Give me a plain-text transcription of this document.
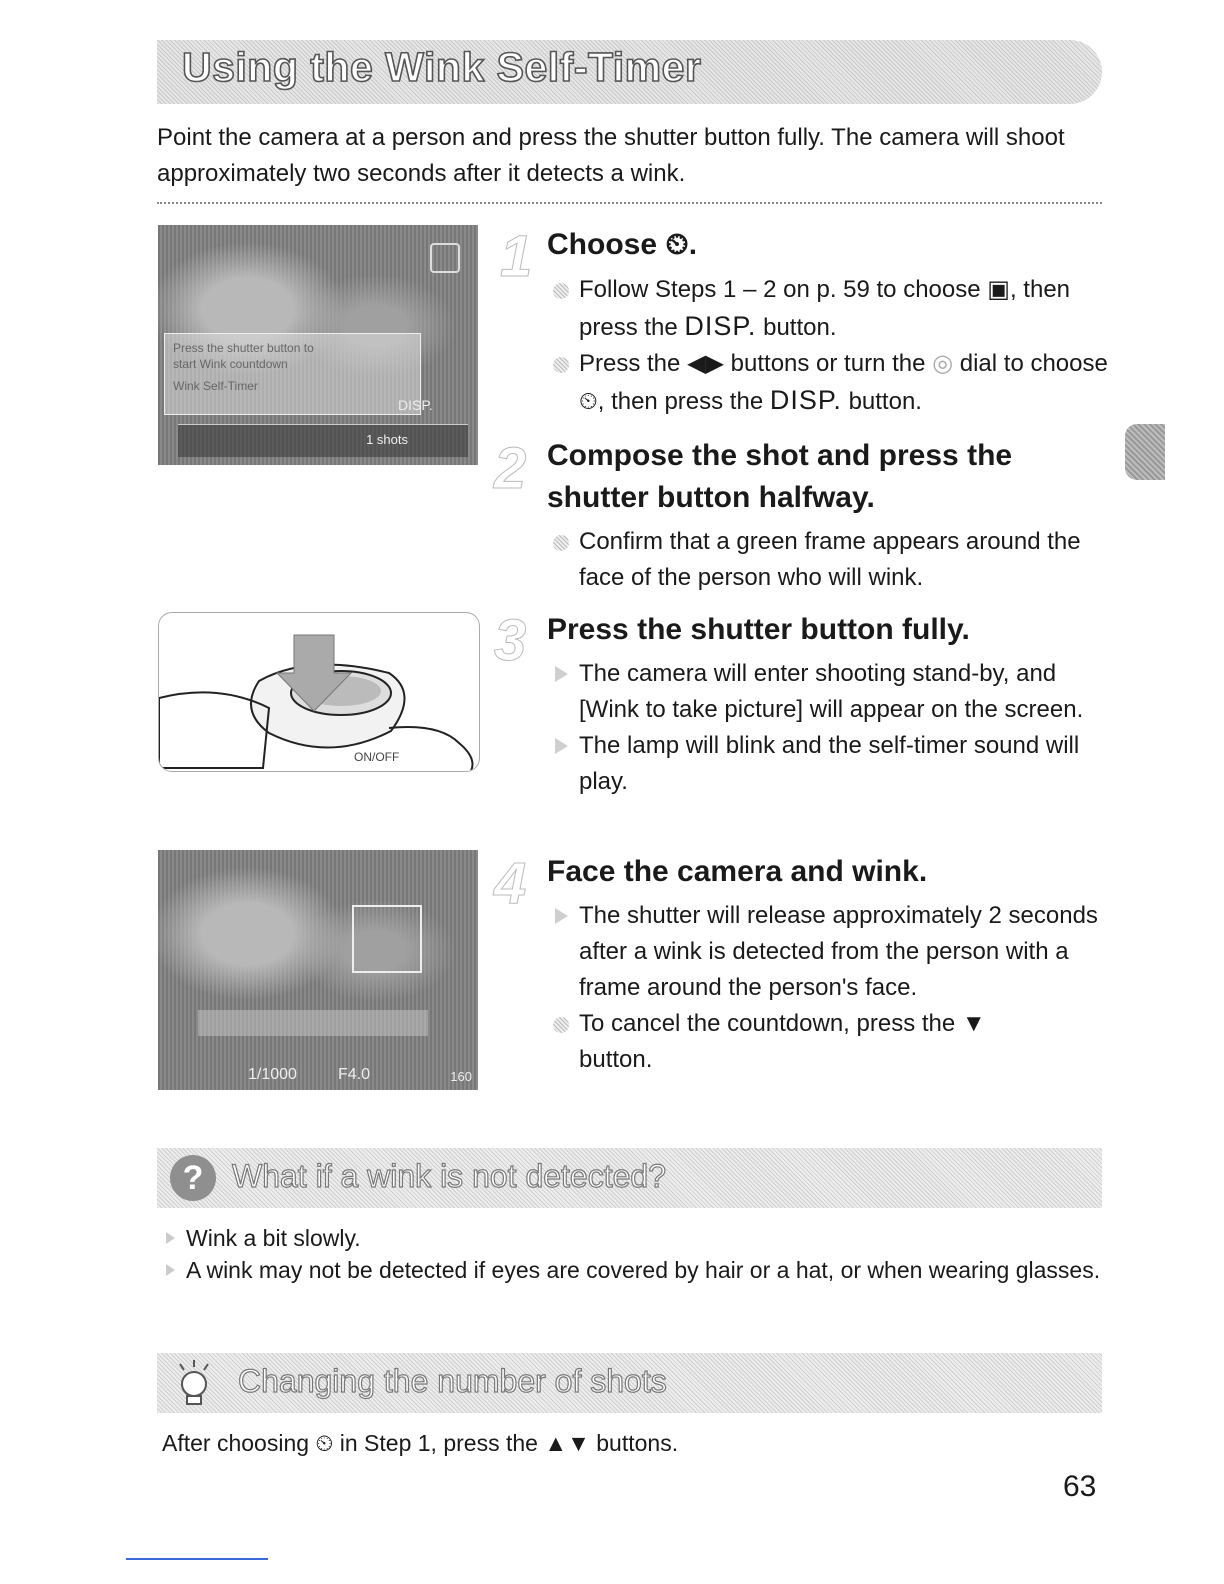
Using the Wink Self-Timer
Point the camera at a person and press the shutter button fully. The camera will shoot approximately two seconds after it detects a wink.
Press the shutter button to
start Wink countdown
Wink Self-Timer
DISP.
1 shots
ON/OFF
1/1000	F4.0	160
1 Choose ⏲.
Follow Steps 1 – 2 on p. 59 to choose ▣, then press the DISP. button.
Press the ◀▶ buttons or turn the ◎ dial to choose ⏲, then press the DISP. button.
2 Compose the shot and press the shutter button halfway.
Confirm that a green frame appears around the face of the person who will wink.
3 Press the shutter button fully.
The camera will enter shooting stand-by, and [Wink to take picture] will appear on the screen.
The lamp will blink and the self-timer sound will play.
4 Face the camera and wink.
The shutter will release approximately 2 seconds after a wink is detected from the person with a frame around the person's face.
To cancel the countdown, press the ▼
button.
? What if a wink is not detected?
Wink a bit slowly.
A wink may not be detected if eyes are covered by hair or a hat, or when wearing glasses.
Changing the number of shots
After choosing ⏲ in Step 1, press the ▲▼ buttons.
63
